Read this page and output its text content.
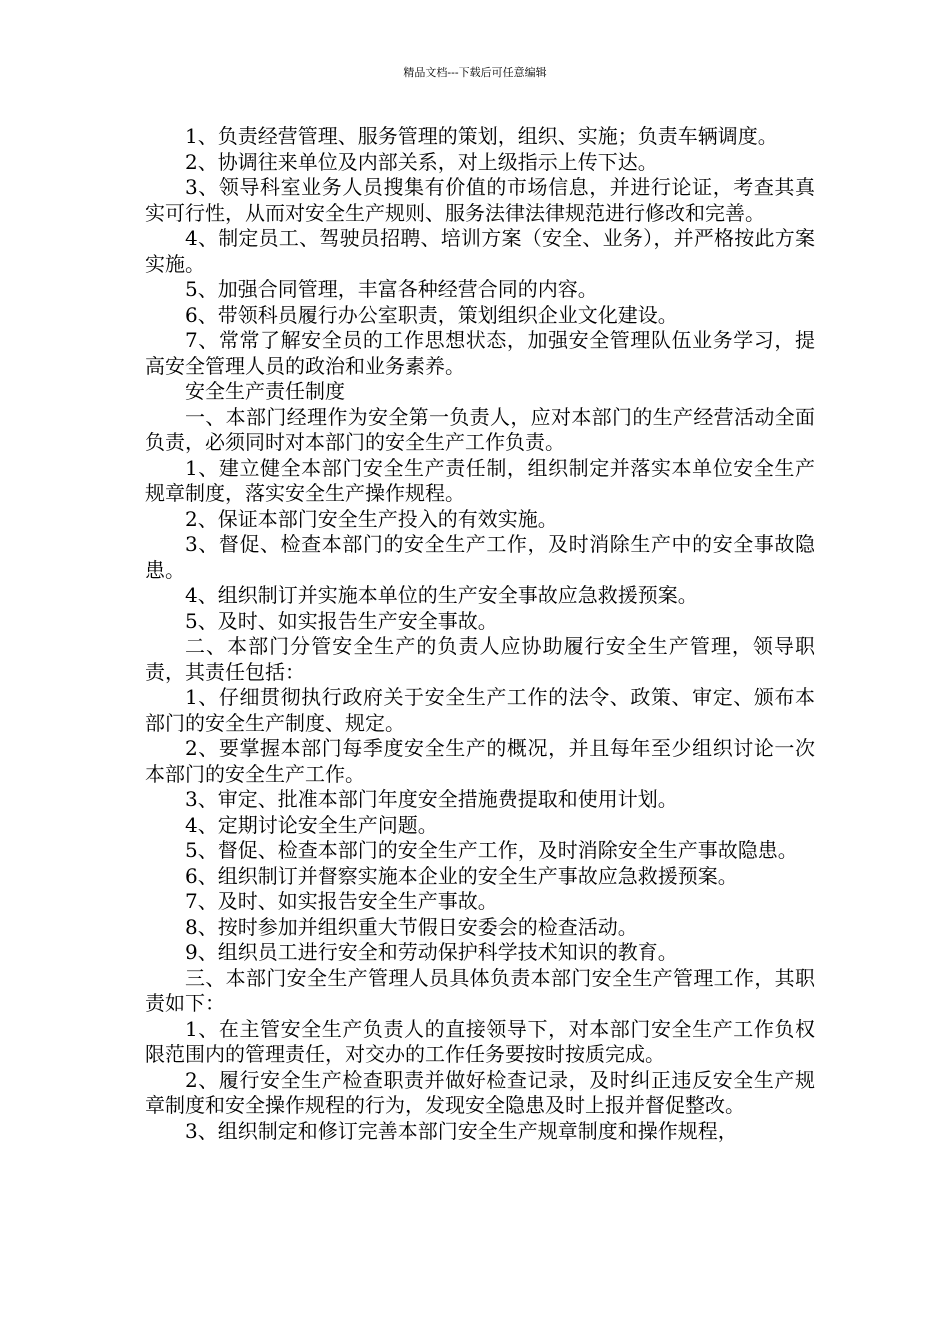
精品文档---下载后可任意编辑

1、负责经营管理、服务管理的策划，组织、实施；负责车辆调度。

2、协调往来单位及内部关系，对上级指示上传下达。

3、领导科室业务人员搜集有价值的市场信息，并进行论证，考查其真实可行性，从而对安全生产规则、服务法律法律规范进行修改和完善。

4、制定员工、驾驶员招聘、培训方案（安全、业务），并严格按此方案实施。

5、加强合同管理，丰富各种经营合同的内容。

6、带领科员履行办公室职责，策划组织企业文化建设。

7、常常了解安全员的工作思想状态，加强安全管理队伍业务学习，提高安全管理人员的政治和业务素养。

安全生产责任制度

一、本部门经理作为安全第一负责人，应对本部门的生产经营活动全面负责，必须同时对本部门的安全生产工作负责。

1、建立健全本部门安全生产责任制，组织制定并落实本单位安全生产规章制度，落实安全生产操作规程。

2、保证本部门安全生产投入的有效实施。

3、督促、检查本部门的安全生产工作，及时消除生产中的安全事故隐患。

4、组织制订并实施本单位的生产安全事故应急救援预案。

5、及时、如实报告生产安全事故。

二、本部门分管安全生产的负责人应协助履行安全生产管理，领导职责，其责任包括：

1、仔细贯彻执行政府关于安全生产工作的法令、政策、审定、颁布本部门的安全生产制度、规定。

2、要掌握本部门每季度安全生产的概况，并且每年至少组织讨论一次本部门的安全生产工作。

3、审定、批准本部门年度安全措施费提取和使用计划。

4、定期讨论安全生产问题。

5、督促、检查本部门的安全生产工作，及时消除安全生产事故隐患。

6、组织制订并督察实施本企业的安全生产事故应急救援预案。

7、及时、如实报告安全生产事故。

8、按时参加并组织重大节假日安委会的检查活动。

9、组织员工进行安全和劳动保护科学技术知识的教育。

三、本部门安全生产管理人员具体负责本部门安全生产管理工作，其职责如下：

1、在主管安全生产负责人的直接领导下，对本部门安全生产工作负权限范围内的管理责任，对交办的工作任务要按时按质完成。

2、履行安全生产检查职责并做好检查记录，及时纠正违反安全生产规章制度和安全操作规程的行为，发现安全隐患及时上报并督促整改。

3、组织制定和修订完善本部门安全生产规章制度和操作规程，
